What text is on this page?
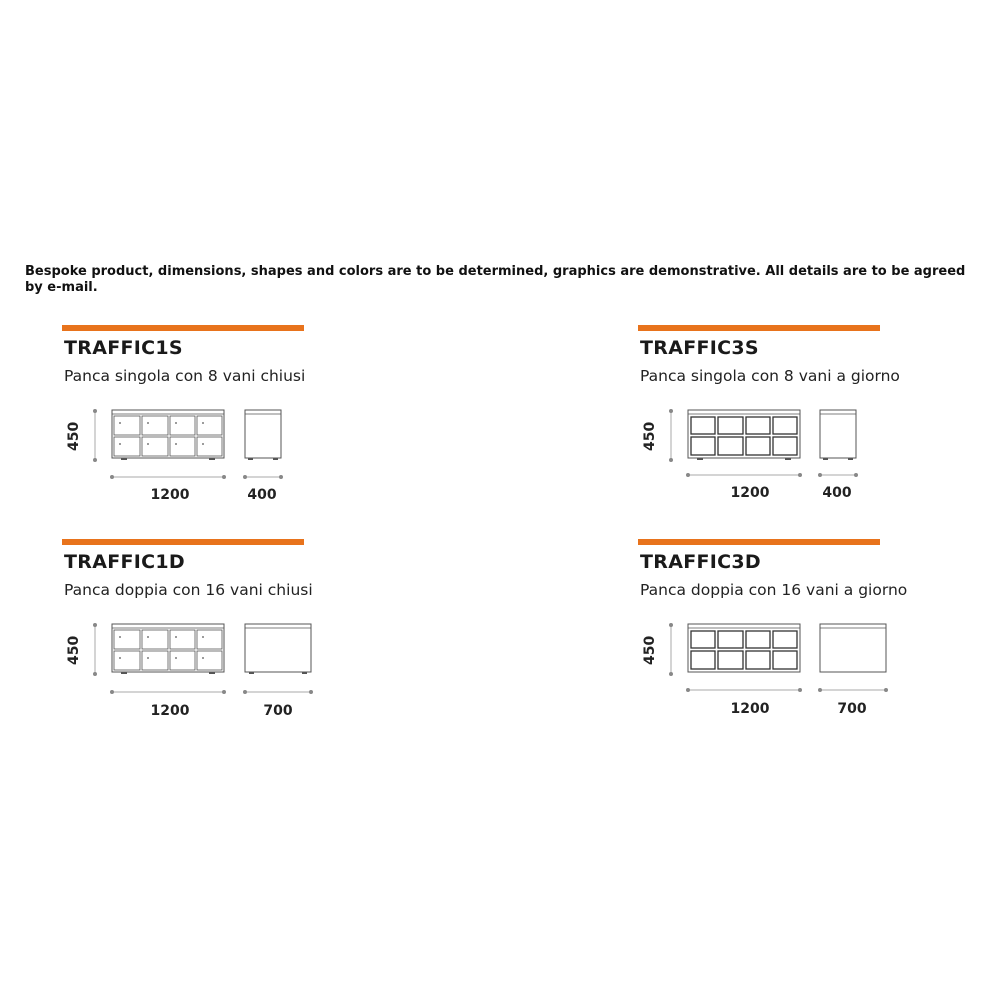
Bespoke product, dimensions, shapes and colors are to be determined, graphics are demonstrative. All details are to be agreed by e-mail.
TRAFFIC1S
Panca singola con 8 vani chiusi
450
1200	400
TRAFFIC3S
Panca singola con 8 vani a giorno
450
1200	400
TRAFFIC1D
Panca doppia con 16 vani chiusi
450
1200	700
TRAFFIC3D
Panca doppia con 16 vani a giorno
450
1200	700
